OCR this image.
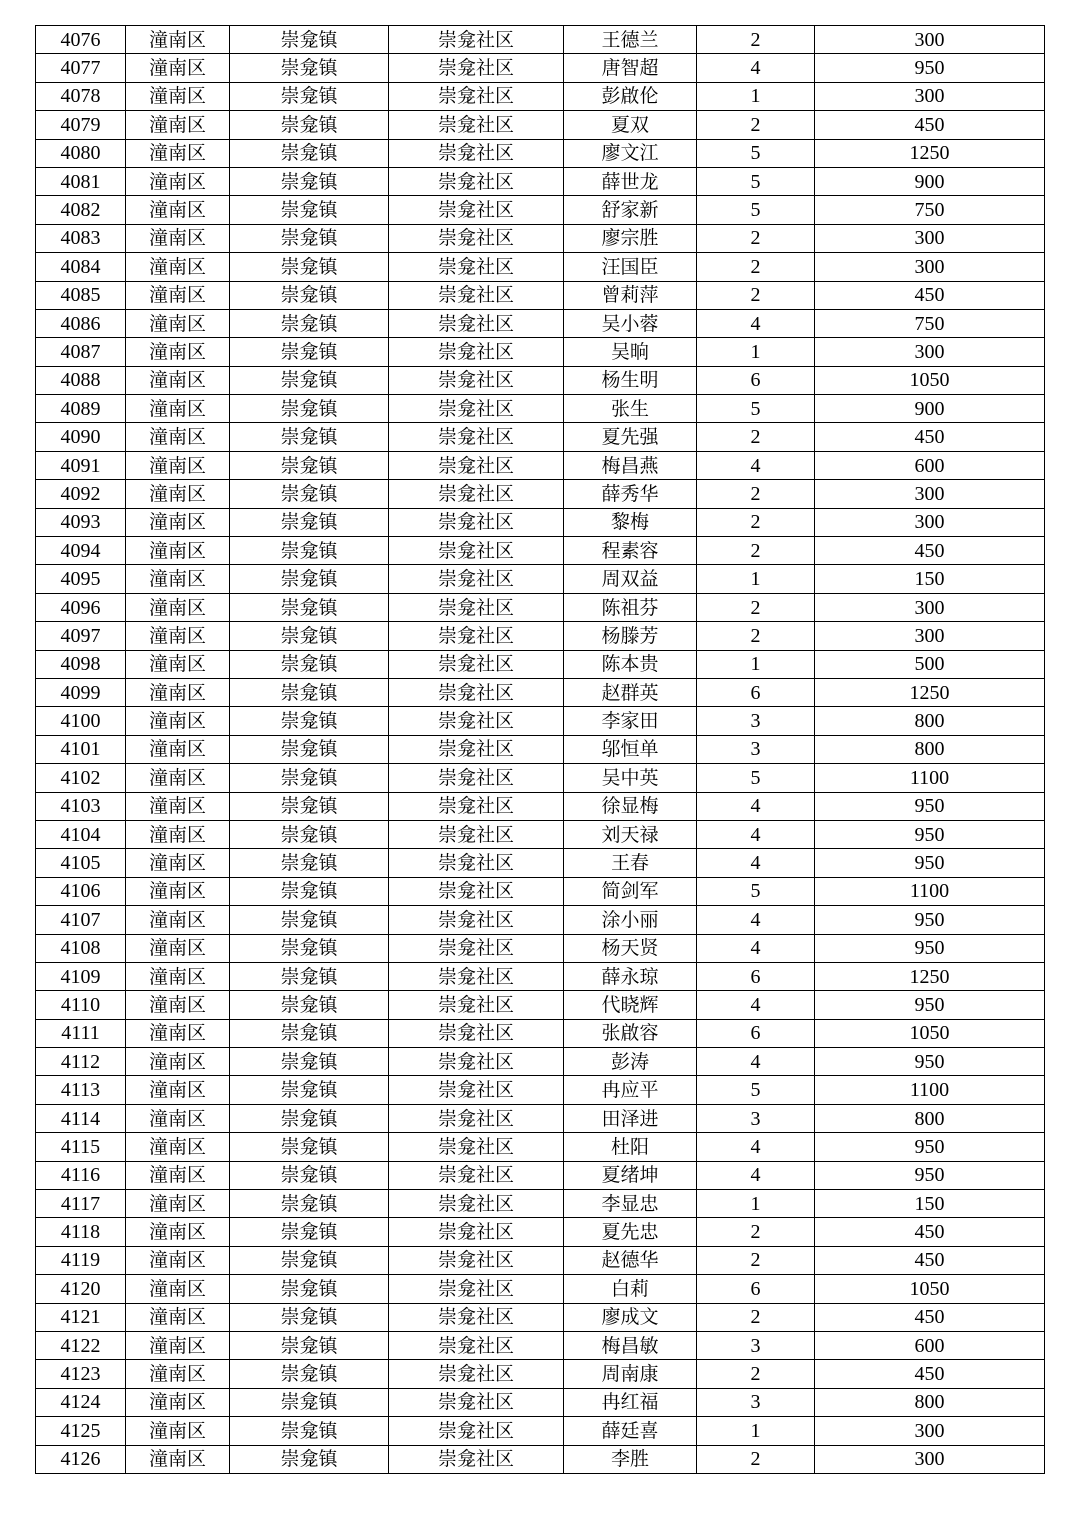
4076	潼南区	崇龛镇	崇龛社区	王德兰	2	300
4077	潼南区	崇龛镇	崇龛社区	唐智超	4	950
4078	潼南区	崇龛镇	崇龛社区	彭啟伦	1	300
4079	潼南区	崇龛镇	崇龛社区	夏双	2	450
4080	潼南区	崇龛镇	崇龛社区	廖文江	5	1250
4081	潼南区	崇龛镇	崇龛社区	薛世龙	5	900
4082	潼南区	崇龛镇	崇龛社区	舒家新	5	750
4083	潼南区	崇龛镇	崇龛社区	廖宗胜	2	300
4084	潼南区	崇龛镇	崇龛社区	汪国臣	2	300
4085	潼南区	崇龛镇	崇龛社区	曾莉萍	2	450
4086	潼南区	崇龛镇	崇龛社区	吴小蓉	4	750
4087	潼南区	崇龛镇	崇龛社区	吴晌	1	300
4088	潼南区	崇龛镇	崇龛社区	杨生明	6	1050
4089	潼南区	崇龛镇	崇龛社区	张生	5	900
4090	潼南区	崇龛镇	崇龛社区	夏先强	2	450
4091	潼南区	崇龛镇	崇龛社区	梅昌燕	4	600
4092	潼南区	崇龛镇	崇龛社区	薛秀华	2	300
4093	潼南区	崇龛镇	崇龛社区	黎梅	2	300
4094	潼南区	崇龛镇	崇龛社区	程素容	2	450
4095	潼南区	崇龛镇	崇龛社区	周双益	1	150
4096	潼南区	崇龛镇	崇龛社区	陈祖芬	2	300
4097	潼南区	崇龛镇	崇龛社区	杨滕芳	2	300
4098	潼南区	崇龛镇	崇龛社区	陈本贵	1	500
4099	潼南区	崇龛镇	崇龛社区	赵群英	6	1250
4100	潼南区	崇龛镇	崇龛社区	李家田	3	800
4101	潼南区	崇龛镇	崇龛社区	邬恒单	3	800
4102	潼南区	崇龛镇	崇龛社区	吴中英	5	1100
4103	潼南区	崇龛镇	崇龛社区	徐显梅	4	950
4104	潼南区	崇龛镇	崇龛社区	刘天禄	4	950
4105	潼南区	崇龛镇	崇龛社区	王春	4	950
4106	潼南区	崇龛镇	崇龛社区	简剑军	5	1100
4107	潼南区	崇龛镇	崇龛社区	涂小丽	4	950
4108	潼南区	崇龛镇	崇龛社区	杨天贤	4	950
4109	潼南区	崇龛镇	崇龛社区	薛永琼	6	1250
4110	潼南区	崇龛镇	崇龛社区	代晓辉	4	950
4111	潼南区	崇龛镇	崇龛社区	张啟容	6	1050
4112	潼南区	崇龛镇	崇龛社区	彭涛	4	950
4113	潼南区	崇龛镇	崇龛社区	冉应平	5	1100
4114	潼南区	崇龛镇	崇龛社区	田泽进	3	800
4115	潼南区	崇龛镇	崇龛社区	杜阳	4	950
4116	潼南区	崇龛镇	崇龛社区	夏绪坤	4	950
4117	潼南区	崇龛镇	崇龛社区	李显忠	1	150
4118	潼南区	崇龛镇	崇龛社区	夏先忠	2	450
4119	潼南区	崇龛镇	崇龛社区	赵德华	2	450
4120	潼南区	崇龛镇	崇龛社区	白莉	6	1050
4121	潼南区	崇龛镇	崇龛社区	廖成文	2	450
4122	潼南区	崇龛镇	崇龛社区	梅昌敏	3	600
4123	潼南区	崇龛镇	崇龛社区	周南康	2	450
4124	潼南区	崇龛镇	崇龛社区	冉红福	3	800
4125	潼南区	崇龛镇	崇龛社区	薛廷喜	1	300
4126	潼南区	崇龛镇	崇龛社区	李胜	2	300
